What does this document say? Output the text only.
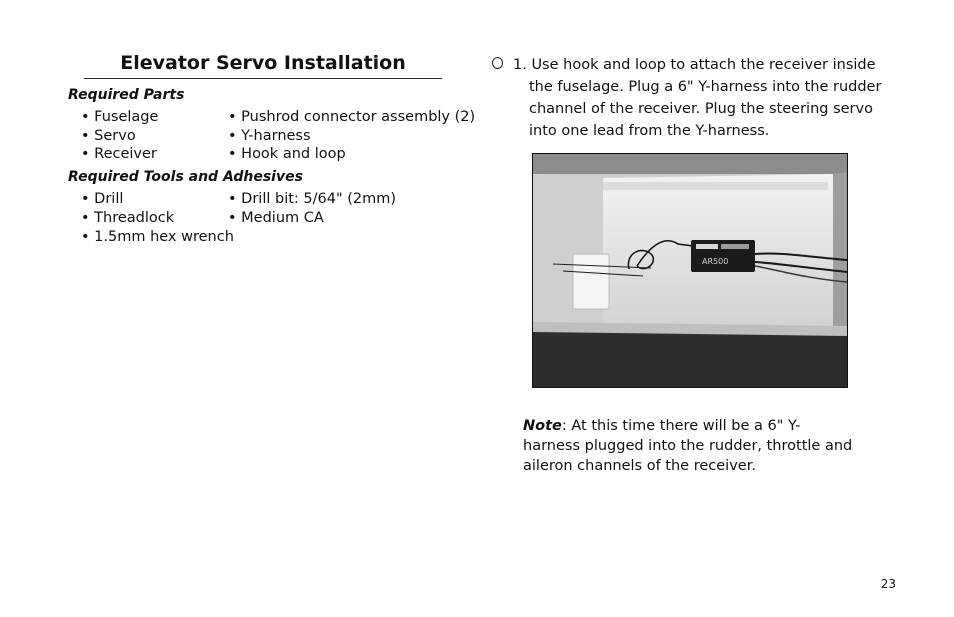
Elevator Servo Installation
Required Parts
• Fuselage	• Pushrod connector assembly (2)
• Servo	• Y-harness
• Receiver	• Hook and loop
Required Tools and Adhesives
• Drill	• Drill bit: 5/64" (2mm)
• Threadlock	• Medium CA
• 1.5mm hex wrench
1. Use hook and loop to attach the receiver inside
the fuselage. Plug a 6" Y-harness into the rudder
channel of the receiver. Plug the steering servo
into one lead from the Y-harness.
AR500
Note: At this time there will be a 6" Y-harness plugged into the rudder, throttle and aileron channels of the receiver.
23
